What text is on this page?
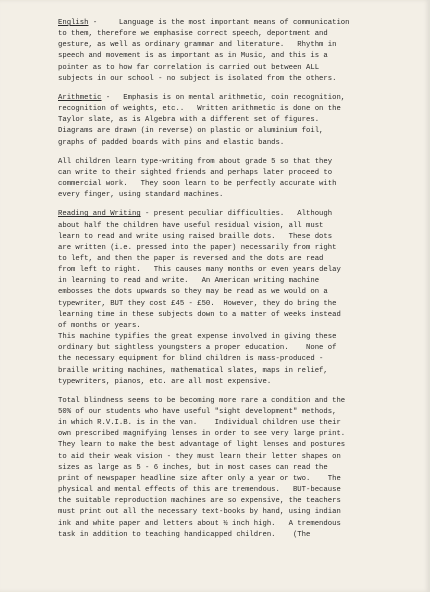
English -     Language is the most important means of communication
to them, therefore we emphasise correct speech, deportment and
gesture, as well as ordinary grammar and literature.   Rhythm in
speech and movement is as important as in Music, and this is a
pointer as to how far correlation is carried out between ALL
subjects in our school - no subject is isolated from the others.

Arithmetic -   Emphasis is on mental arithmetic, coin recognition,
recognition of weights, etc..   Written arithmetic is done on the
Taylor slate, as is Algebra with a different set of figures.
Diagrams are drawn (in reverse) on plastic or aluminium foil,
graphs of padded boards with pins and elastic bands.

All children learn type-writing from about grade 5 so that they
can write to their sighted friends and perhaps later proceed to
commercial work.   They soon learn to be perfectly accurate with
every finger, using standard machines.

Reading and Writing - present peculiar difficulties.   Although
about half the children have useful residual vision, all must
learn to read and write using raised braille dots.   These dots
are written (i.e. pressed into the paper) necessarily from right
to left, and then the paper is reversed and the dots are read
from left to right.   This causes many months or even years delay
in learning to read and write.   An American writing machine
embosses the dots upwards so they may be read as we would on a
typewriter, BUT they cost £45 - £50.  However, they do bring the
learning time in these subjects down to a matter of weeks instead
of months or years.

This machine typifies the great expense involved in giving these
ordinary but sightless youngsters a proper education.    None of
the necessary equipment for blind children is mass-produced -
braille writing machines, mathematical slates, maps in relief,
typewriters, pianos, etc. are all most expensive.

Total blindness seems to be becoming more rare a condition and the
50% of our students who have useful "sight development" methods,
in which R.V.I.B. is in the van.    Individual children use their
own prescribed magnifying lenses in order to see very large print.
They learn to make the best advantage of light lenses and postures
to aid their weak vision - they must learn their letter shapes on
sizes as large as 5 - 6 inches, but in most cases can read the
print of newspaper headline size after only a year or two.    The
physical and mental effects of this are tremendous.   BUT-because
the suitable reproduction machines are so expensive, the teachers
must print out all the necessary text-books by hand, using indian
ink and white paper and letters about ½ inch high.   A tremendous
task in addition to teaching handicapped children.    (The
